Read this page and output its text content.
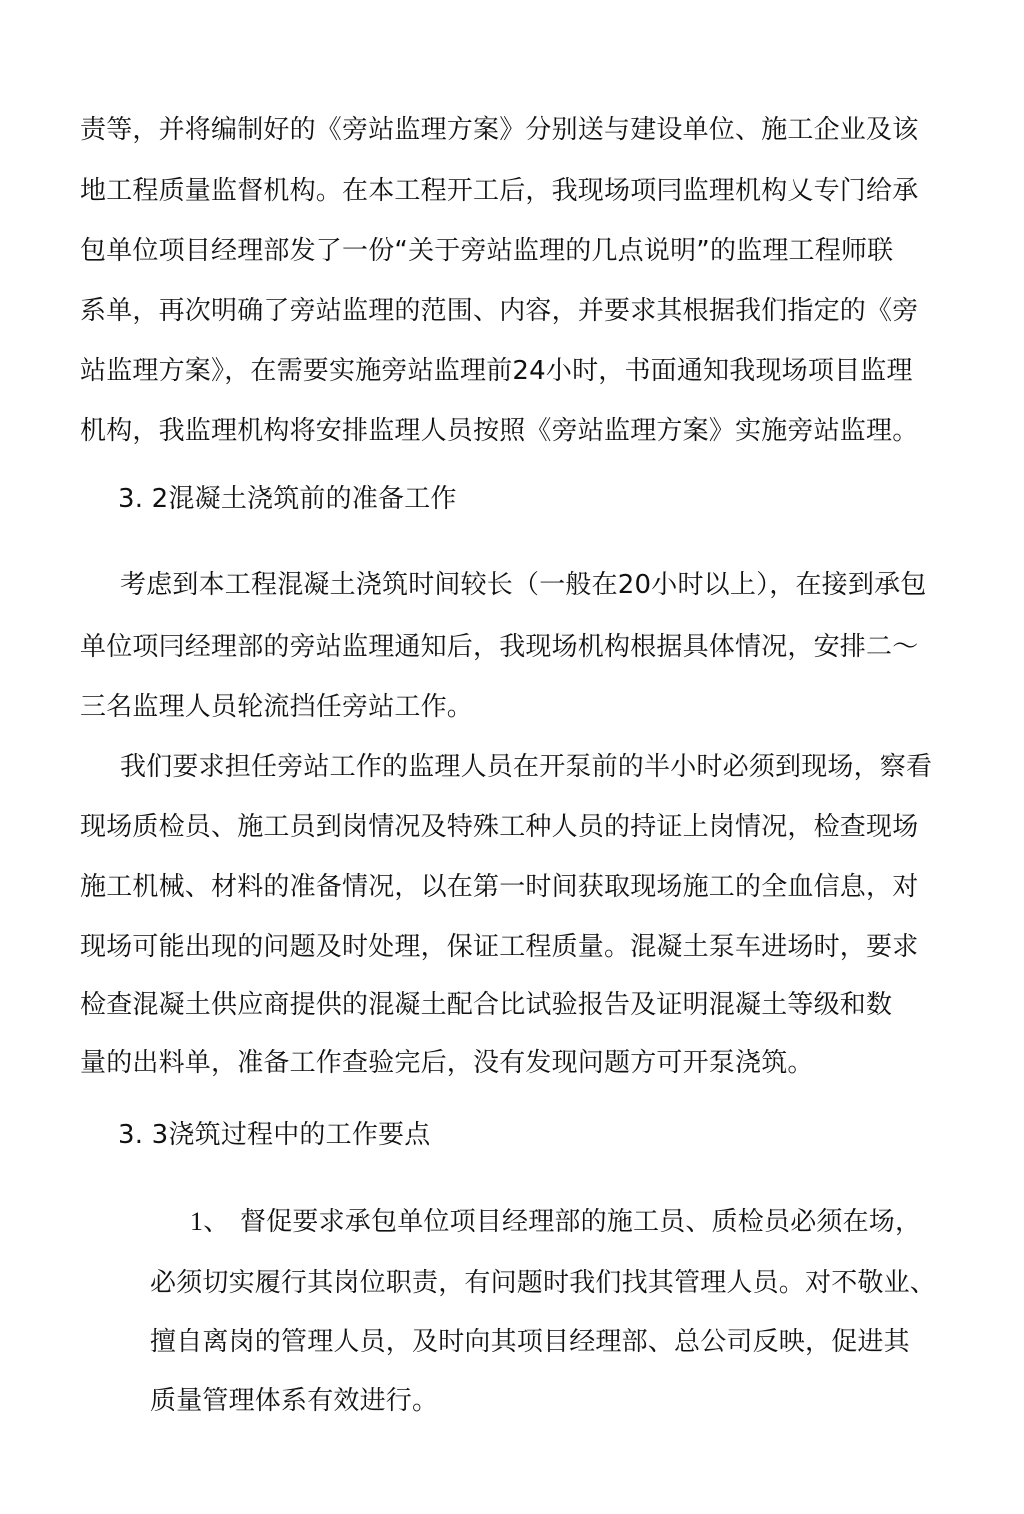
责等，并将编制好的《旁站监理方案》分别送与建设单位、施工企业及该
地工程质量监督机构。在本工程开工后，我现场项冃监理机构乂专门给承
包单位项目经理部发了一份“关于旁站监理的几点说明”的监理工程师联
系单，再次明确了旁站监理的范围、内容，并要求其根据我们指定的《旁
站监理方案》，在需要实施旁站监理前24小时，书面通知我现场项目监理
机构，我监理机构将安排监理人员按照《旁站监理方案》实施旁站监理。
3. 2混凝土浇筑前的准备工作
考虑到本工程混凝土浇筑时间较长（一般在20小时以上），在接到承包
单位项冃经理部的旁站监理通知后，我现场机构根据具体情况，安排二〜
三名监理人员轮流挡任旁站工作。
我们要求担任旁站工作的监理人员在开泵前的半小时必须到现场，察看
现场质检员、施工员到岗情况及特殊工种人员的持证上岗情况，检查现场
施工机械、材料的准备情况，以在第一时间获取现场施工的全血信息，对
现场可能出现的问题及时处理，保证工程质量。混凝土泵车进场时，要求
检查混凝土供应商提供的混凝土配合比试验报告及证明混凝土等级和数
量的出料单，准备工作查验完后，没有发现问题方可开泵浇筑。
3. 3浇筑过程中的工作要点
1、 督促要求承包单位项目经理部的施工员、质检员必须在场，
必须切实履行其岗位职责，有问题时我们找其管理人员。对不敬业、
擅自离岗的管理人员，及时向其项目经理部、总公司反映，促进其
质量管理体系有效进行。
